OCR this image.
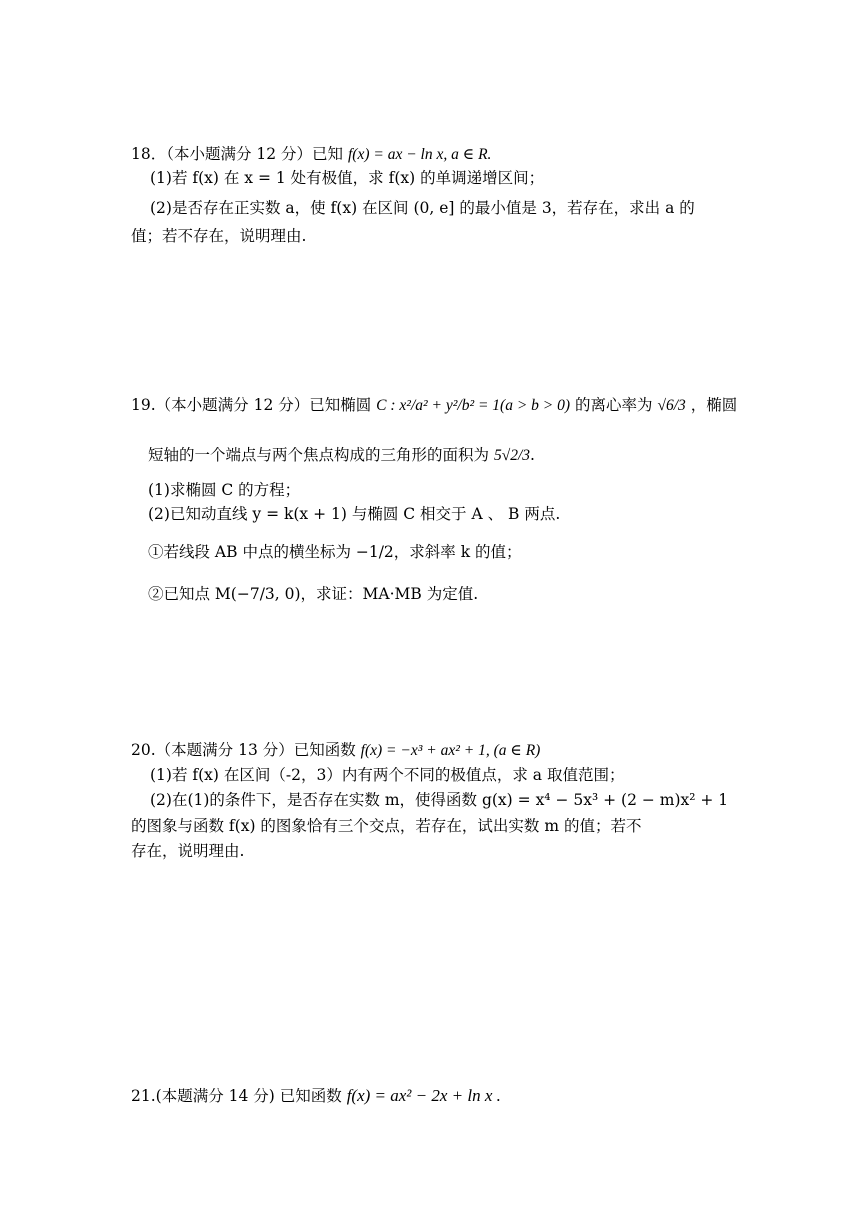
18．（本小题满分 12 分）已知 f(x) = ax − ln x, a ∈ R.
(1)若 f(x) 在 x = 1 处有极值，求 f(x) 的单调递增区间；
(2)是否存在正实数 a，使 f(x) 在区间 (0, e] 的最小值是 3，若存在，求出 a 的
值；若不存在，说明理由.
19.（本小题满分 12 分）已知椭圆 C : x²/a² + y²/b² = 1(a > b > 0) 的离心率为 √6/3 ，椭圆
短轴的一个端点与两个焦点构成的三角形的面积为 5√2/3.
(1)求椭圆 C 的方程；
(2)已知动直线 y = k(x + 1) 与椭圆 C 相交于 A 、 B 两点.
①若线段 AB 中点的横坐标为 −1/2，求斜率 k 的值；
②已知点 M(−7/3, 0)，求证：MA·MB 为定值.
20.（本题满分 13 分）已知函数 f(x) = −x³ + ax² + 1, (a ∈ R)
(1)若 f(x) 在区间（-2，3）内有两个不同的极值点，求 a 取值范围；
(2)在(1)的条件下，是否存在实数 m，使得函数 g(x) = x⁴ − 5x³ + (2 − m)x² + 1
的图象与函数 f(x) 的图象恰有三个交点，若存在，试出实数 m 的值；若不
存在，说明理由.
21.(本题满分 14 分) 已知函数 f(x) = ax² − 2x + ln x .
